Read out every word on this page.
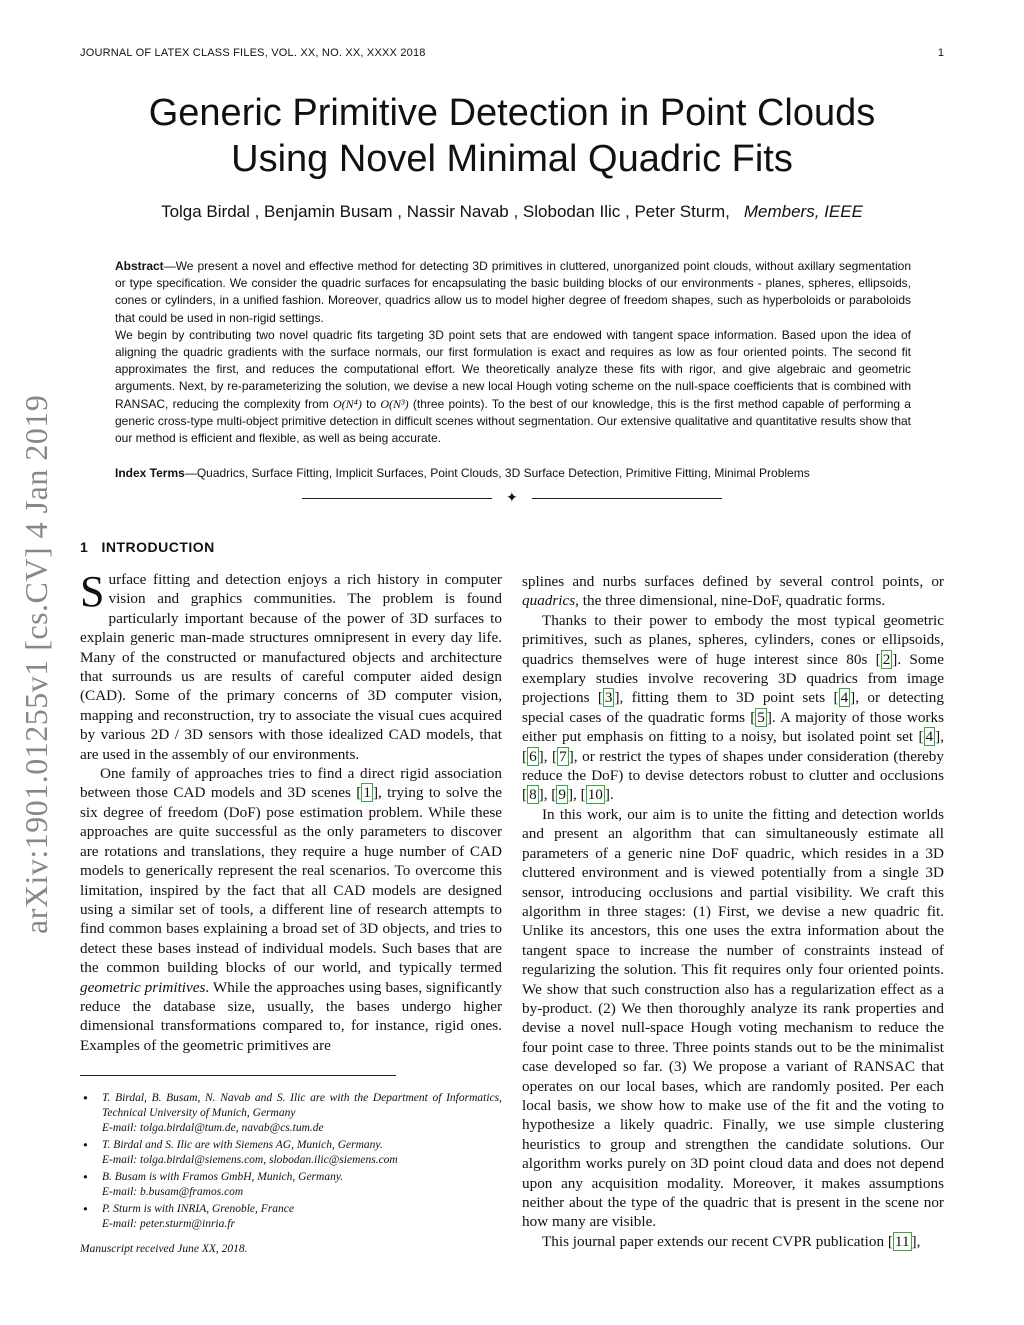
JOURNAL OF LATEX CLASS FILES, VOL. XX, NO. XX, XXXX 2018	1
Generic Primitive Detection in Point Clouds
Using Novel Minimal Quadric Fits
Tolga Birdal , Benjamin Busam , Nassir Navab , Slobodan Ilic , Peter Sturm, Members, IEEE

Abstract—We present a novel and effective method for detecting 3D primitives in cluttered, unorganized point clouds, without axillary segmentation or type specification. We consider the quadric surfaces for encapsulating the basic building blocks of our environments - planes, spheres, ellipsoids, cones or cylinders, in a unified fashion. Moreover, quadrics allow us to model higher degree of freedom shapes, such as hyperboloids or paraboloids that could be used in non-rigid settings.

We begin by contributing two novel quadric fits targeting 3D point sets that are endowed with tangent space information. Based upon the idea of aligning the quadric gradients with the surface normals, our first formulation is exact and requires as low as four oriented points. The second fit approximates the first, and reduces the computational effort. We theoretically analyze these fits with rigor, and give algebraic and geometric arguments. Next, by re-parameterizing the solution, we devise a new local Hough voting scheme on the null-space coefficients that is combined with RANSAC, reducing the complexity from O(N⁴) to O(N³) (three points). To the best of our knowledge, this is the first method capable of performing a generic cross-type multi-object primitive detection in difficult scenes without segmentation. Our extensive qualitative and quantitative results show that our method is efficient and flexible, as well as being accurate.

Index Terms—Quadrics, Surface Fitting, Implicit Surfaces, Point Clouds, 3D Surface Detection, Primitive Fitting, Minimal Problems
✦
arXiv:1901.01255v1 [cs.CV] 4 Jan 2019 1 INTRODUCTION

Surface fitting and detection enjoys a rich history in computer vision and graphics communities. The problem is found particularly important because of the power of 3D surfaces to explain generic man-made structures omnipresent in every day life. Many of the constructed or manufactured objects and architecture that surrounds us are results of careful computer aided design (CAD). Some of the primary concerns of 3D computer vision, mapping and reconstruction, try to associate the visual cues acquired by various 2D / 3D sensors with those idealized CAD models, that are used in the assembly of our environments.

One family of approaches tries to find a direct rigid association between those CAD models and 3D scenes [ 1 ], trying to solve the six degree of freedom (DoF) pose estimation problem. While these approaches are quite successful as the only parameters to discover are rotations and translations, they require a huge number of CAD models to generically represent the real scenarios. To overcome this limitation, inspired by the fact that all CAD models are designed using a similar set of tools, a different line of research attempts to find common bases explaining a broad set of 3D objects, and tries to detect these bases instead of individual models. Such bases that are the common building blocks of our world, and typically termed geometric primitives. While the approaches using bases, significantly reduce the database size, usually, the bases undergo higher dimensional transformations compared to, for instance, rigid ones. Examples of the geometric primitives are

splines and nurbs surfaces defined by several control points, or quadrics, the three dimensional, nine-DoF, quadratic forms.

Thanks to their power to embody the most typical geometric primitives, such as planes, spheres, cylinders, cones or ellipsoids, quadrics themselves were of huge interest since 80s [ 2 ]. Some exemplary studies involve recovering 3D quadrics from image projections [ 3 ], fitting them to 3D point sets [ 4 ], or detecting special cases of the quadratic forms [ 5 ]. A majority of those works either put emphasis on fitting to a noisy, but isolated point set [ 4 ], [ 6 ], [ 7 ], or restrict the types of shapes under consideration (thereby reduce the DoF) to devise detectors robust to clutter and occlusions [ 8 ], [ 9 ], [ 10 ].

In this work, our aim is to unite the fitting and detection worlds and present an algorithm that can simultaneously estimate all parameters of a generic nine DoF quadric, which resides in a 3D cluttered environment and is viewed potentially from a single 3D sensor, introducing occlusions and partial visibility. We craft this algorithm in three stages: (1) First, we devise a new quadric fit. Unlike its ancestors, this one uses the extra information about the tangent space to increase the number of constraints instead of regularizing the solution. This fit requires only four oriented points. We show that such construction also has a regularization effect as a by-product. (2) We then thoroughly analyze its rank properties and devise a novel null-space Hough voting mechanism to reduce the four point case to three. Three points stands out to be the minimalist case developed so far. (3) We propose a variant of RANSAC that operates on our local bases, which are randomly posited. Per each local basis, we show how to make use of the fit and the voting to hypothesize a likely quadric. Finally, we use simple clustering heuristics to group and strengthen the candidate solutions. Our algorithm works purely on 3D point cloud data and does not depend upon any acquisition modality. Moreover, it makes assumptions neither about the type of the quadric that is present in the scene nor how many are visible.

This journal paper extends our recent CVPR publication [ 11 ],

• T. Birdal, B. Busam, N. Navab and S. Ilic are with the Department of Informatics, Technical University of Munich, Germany
E-mail: tolga.birdal@tum.de, navab@cs.tum.de
• T. Birdal and S. Ilic are with Siemens AG, Munich, Germany.
E-mail: tolga.birdal@siemens.com, slobodan.ilic@siemens.com
• B. Busam is with Framos GmbH, Munich, Germany.
E-mail: b.busam@framos.com
• P. Sturm is with INRIA, Grenoble, France
E-mail: peter.sturm@inria.fr
Manuscript received June XX, 2018.
